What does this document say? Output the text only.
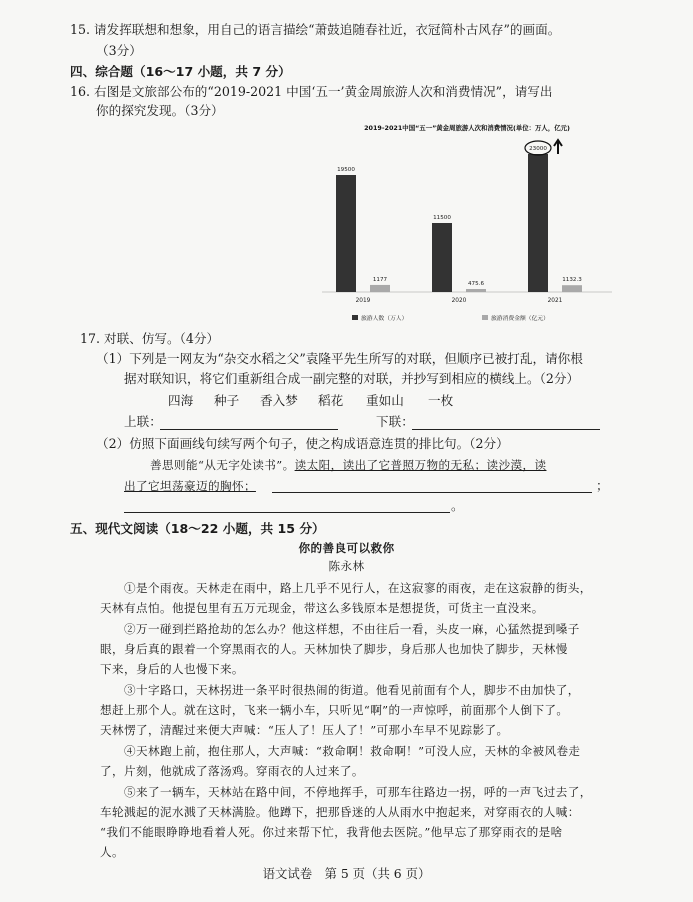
15. 请发挥联想和想象，用自己的语言描绘“萧鼓追随春社近，衣冠简朴古风存”的画面。
（3分）
四、综合题（16～17 小题，共 7 分）
16. 右图是文旅部公布的“2019-2021 中国‘五一’黄金周旅游人次和消费情况”，请写出
你的探究发现。（3分）
2019-2021中国“五一”黄金周旅游人次和消费情况(单位：万人，亿元)
19500
1177
2019
11500
475.6
2020
23000
1132.3
2021
旅游人数（万人）	旅游消费金额（亿元）
17. 对联、仿写。（4分）
（1）下列是一网友为“杂交水稻之父”袁隆平先生所写的对联，但顺序已被打乱，请你根
据对联知识，将它们重新组合成一副完整的对联，并抄写到相应的横线上。（2分）
四海 种子 香入梦 稻花 重如山 一枚
上联：	下联：
（2）仿照下面画线句续写两个句子，使之构成语意连贯的排比句。（2分）
善思则能“从无字处读书”。读太阳，读出了它普照万物的无私；读沙漠，读
出了它坦荡豪迈的胸怀；	；
。
五、现代文阅读（18～22 小题，共 15 分）
你的善良可以救你
陈永林
①是个雨夜。天林走在雨中，路上几乎不见行人，在这寂寥的雨夜，走在这寂静的街头，
天林有点怕。他提包里有五万元现金，带这么多钱原本是想提货，可货主一直没来。
②万一碰到拦路抢劫的怎么办？他这样想，不由往后一看，头皮一麻，心猛然提到嗓子
眼，身后真的跟着一个穿黑雨衣的人。天林加快了脚步，身后那人也加快了脚步，天林慢
下来，身后的人也慢下来。
③十字路口，天林拐进一条平时很热闹的街道。他看见前面有个人，脚步不由加快了，
想赶上那个人。就在这时，飞来一辆小车，只听见“啊”的一声惊呼，前面那个人倒下了。
天林愣了，清醒过来便大声喊：“压人了！压人了！”可那小车早不见踪影了。
④天林跑上前，抱住那人，大声喊：“救命啊！救命啊！”可没人应，天林的伞被风卷走
了，片刻，他就成了落汤鸡。穿雨衣的人过来了。
⑤来了一辆车，天林站在路中间，不停地挥手，可那车往路边一拐，呼的一声飞过去了，
车轮溅起的泥水溅了天林满脸。他蹲下，把那昏迷的人从雨水中抱起来，对穿雨衣的人喊：
“我们不能眼睁睁地看着人死。你过来帮下忙，我背他去医院。”他早忘了那穿雨衣的是啥
人。
语文试卷　第 5 页（共 6 页）
